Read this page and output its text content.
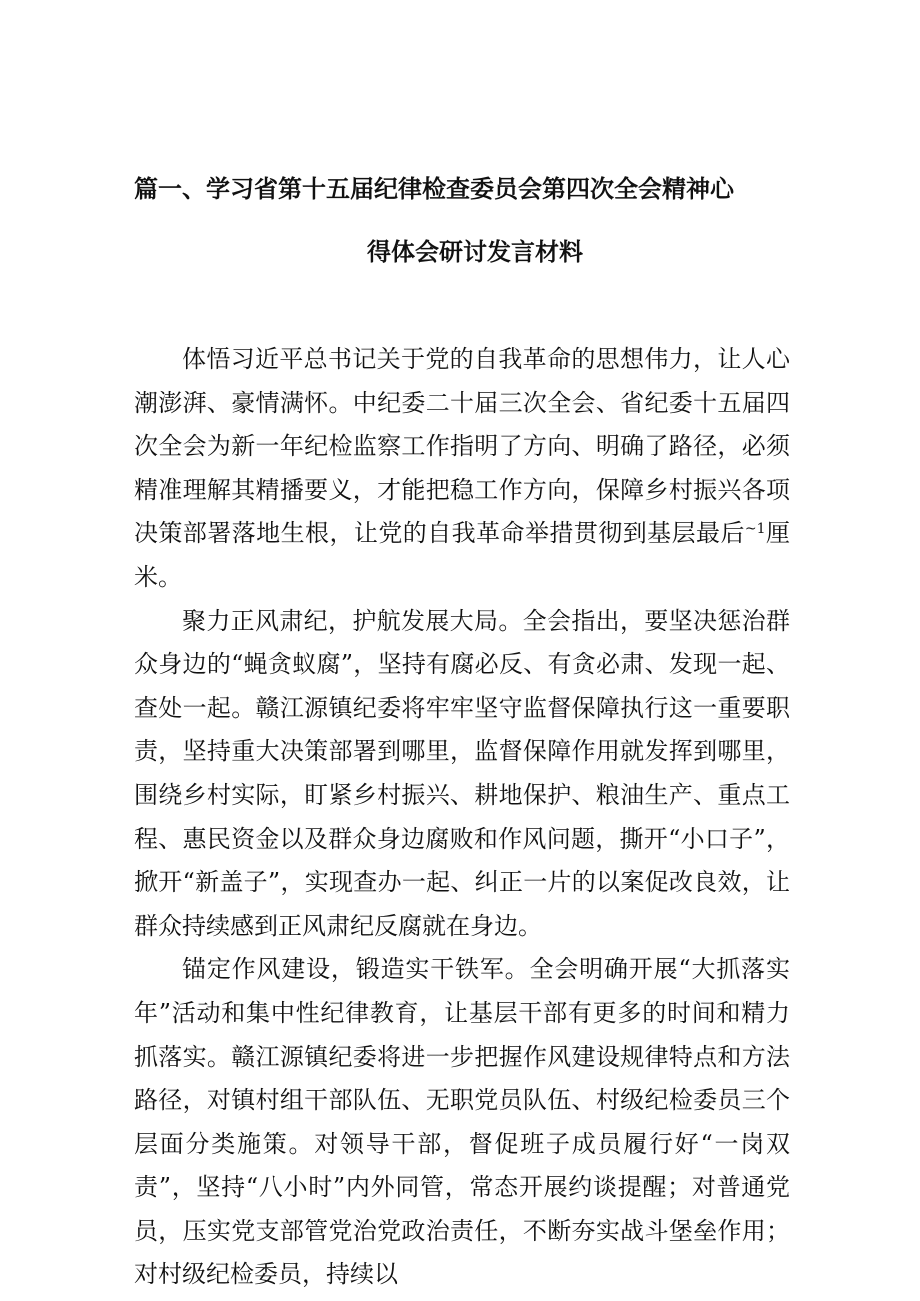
篇一、学习省第十五届纪律检查委员会第四次全会精神心
得体会研讨发言材料

体悟习近平总书记关于党的自我革命的思想伟力，让人心潮澎湃、豪情满怀。中纪委二十届三次全会、省纪委十五届四次全会为新一年纪检监察工作指明了方向、明确了路径，必须精准理解其精播要义，才能把稳工作方向，保障乡村振兴各项决策部署落地生根，让党的自我革命举措贯彻到基层最后$^{\sim 1}$厘米。

聚力正风肃纪，护航发展大局。全会指出，要坚决惩治群众身边的“蝇贪蚁腐”，坚持有腐必反、有贪必肃、发现一起、查处一起。赣江源镇纪委将牢牢坚守监督保障执行这一重要职责，坚持重大决策部署到哪里，监督保障作用就发挥到哪里，围绕乡村实际，盯紧乡村振兴、耕地保护、粮油生产、重点工程、惠民资金以及群众身边腐败和作风问题，撕开“小口子”，掀开“新盖子”，实现查办一起、纠正一片的以案促改良效，让群众持续感到正风肃纪反腐就在身边。

锚定作风建设，锻造实干铁军。全会明确开展“大抓落实年”活动和集中性纪律教育，让基层干部有更多的时间和精力抓落实。赣江源镇纪委将进一步把握作风建设规律特点和方法路径，对镇村组干部队伍、无职党员队伍、村级纪检委员三个层面分类施策。对领导干部，督促班子成员履行好“一岗双责”，坚持“八小时”内外同管，常态开展约谈提醒；对普通党员，压实党支部管党治党政治责任，不断夯实战斗堡垒作用；对村级纪检委员，持续以
